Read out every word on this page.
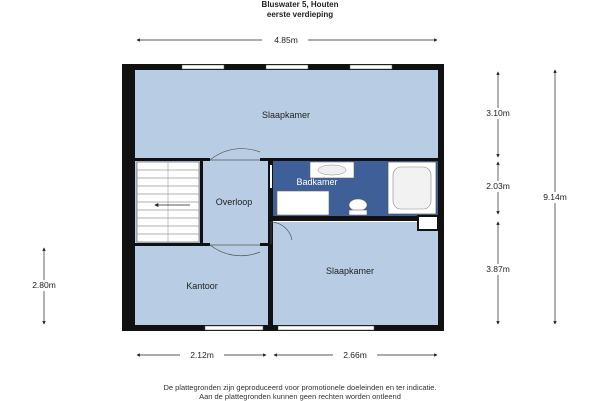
Bluswater 5, Houten
eerste verdieping
Slaapkamer
Badkamer
Overloop
Kantoor
Slaapkamer
4.85m
3.10m
2.03m
3.87m
9.14m
2.80m
2.12m	2.66m
De plattegronden zijn geproduceerd voor promotionele doeleinden en ter indicatie.
Aan de plattegronden kunnen geen rechten worden ontleend
